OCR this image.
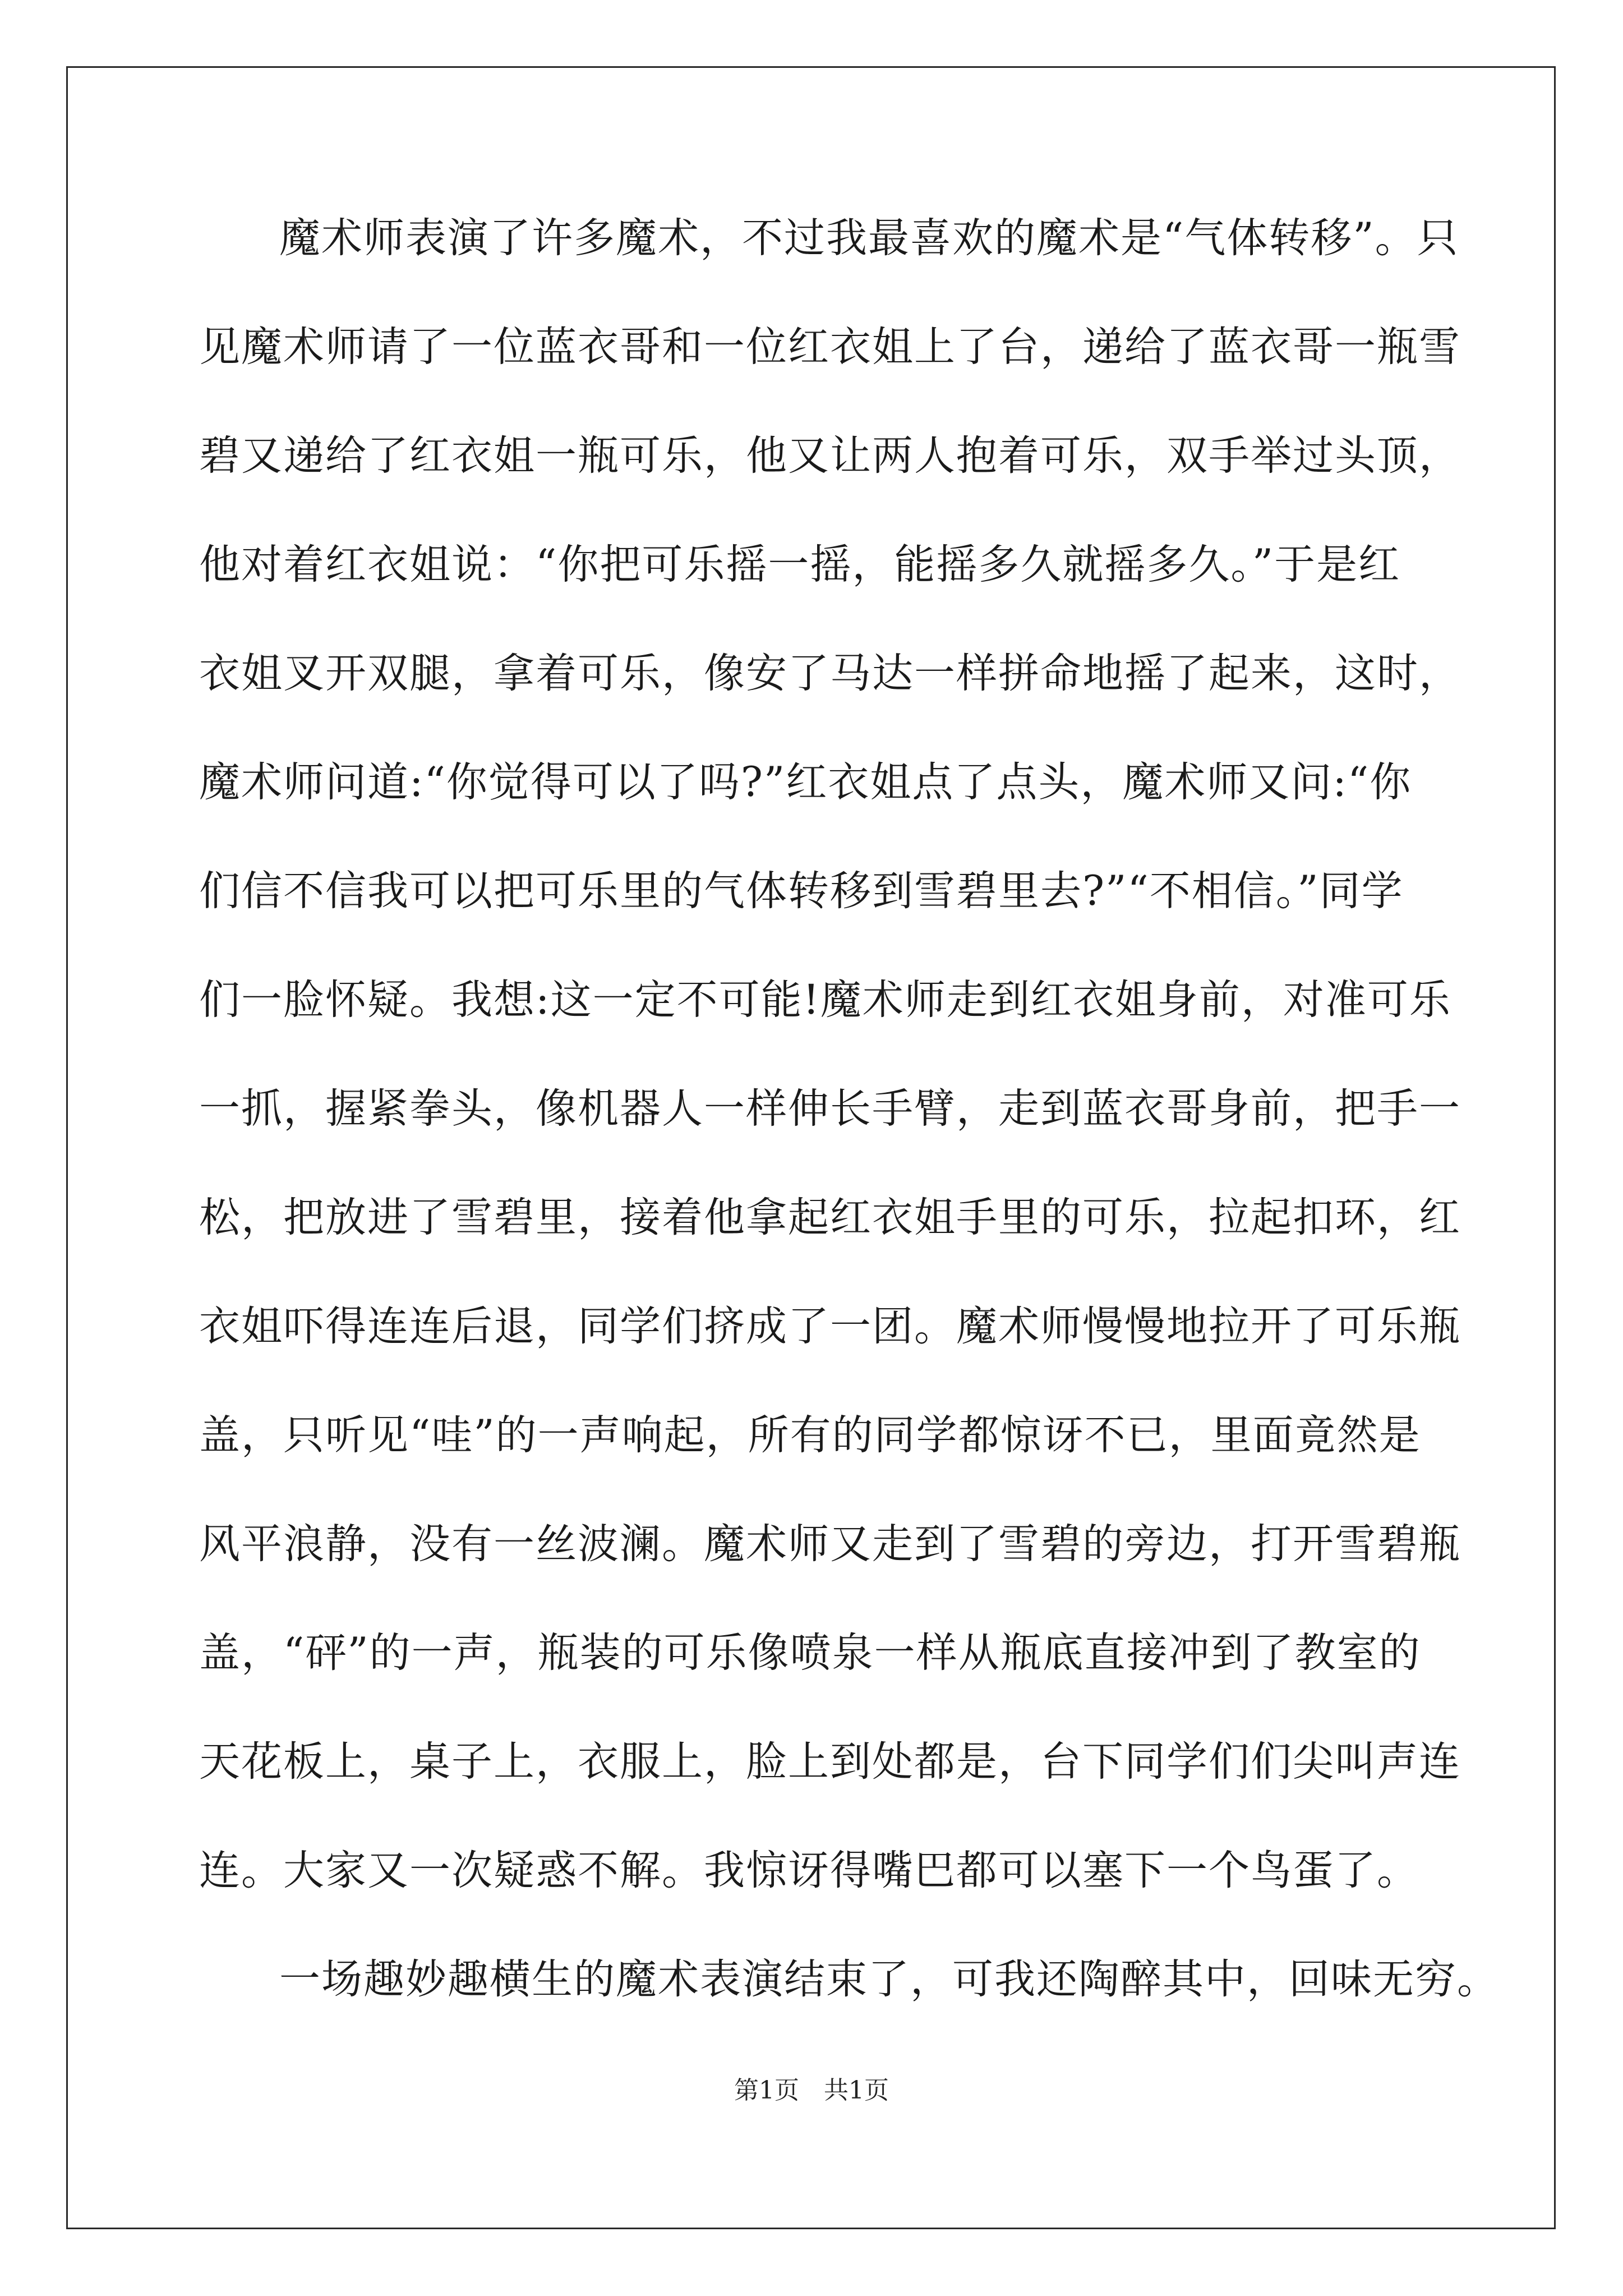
魔术师表演了许多魔术，不过我最喜欢的魔术是“气体转移”。只
见魔术师请了一位蓝衣哥和一位红衣姐上了台，递给了蓝衣哥一瓶雪
碧又递给了红衣姐一瓶可乐，他又让两人抱着可乐，双手举过头顶，
他对着红衣姐说：“你把可乐摇一摇，能摇多久就摇多久。”于是红
衣姐叉开双腿，拿着可乐，像安了马达一样拼命地摇了起来，这时，
魔术师问道:“你觉得可以了吗?”红衣姐点了点头，魔术师又问:“你
们信不信我可以把可乐里的气体转移到雪碧里去?”“不相信。”同学
们一脸怀疑。我想:这一定不可能!魔术师走到红衣姐身前，对准可乐
一抓，握紧拳头，像机器人一样伸长手臂，走到蓝衣哥身前，把手一
松，把放进了雪碧里，接着他拿起红衣姐手里的可乐，拉起扣环，红
衣姐吓得连连后退，同学们挤成了一团。魔术师慢慢地拉开了可乐瓶
盖，只听见“哇”的一声响起，所有的同学都惊讶不已，里面竟然是
风平浪静，没有一丝波澜。魔术师又走到了雪碧的旁边，打开雪碧瓶
盖，“砰”的一声，瓶装的可乐像喷泉一样从瓶底直接冲到了教室的
天花板上，桌子上，衣服上，脸上到处都是，台下同学们们尖叫声连
连。大家又一次疑惑不解。我惊讶得嘴巴都可以塞下一个鸟蛋了。
一场趣妙趣横生的魔术表演结束了，可我还陶醉其中，回味无穷。
第1页 共1页
